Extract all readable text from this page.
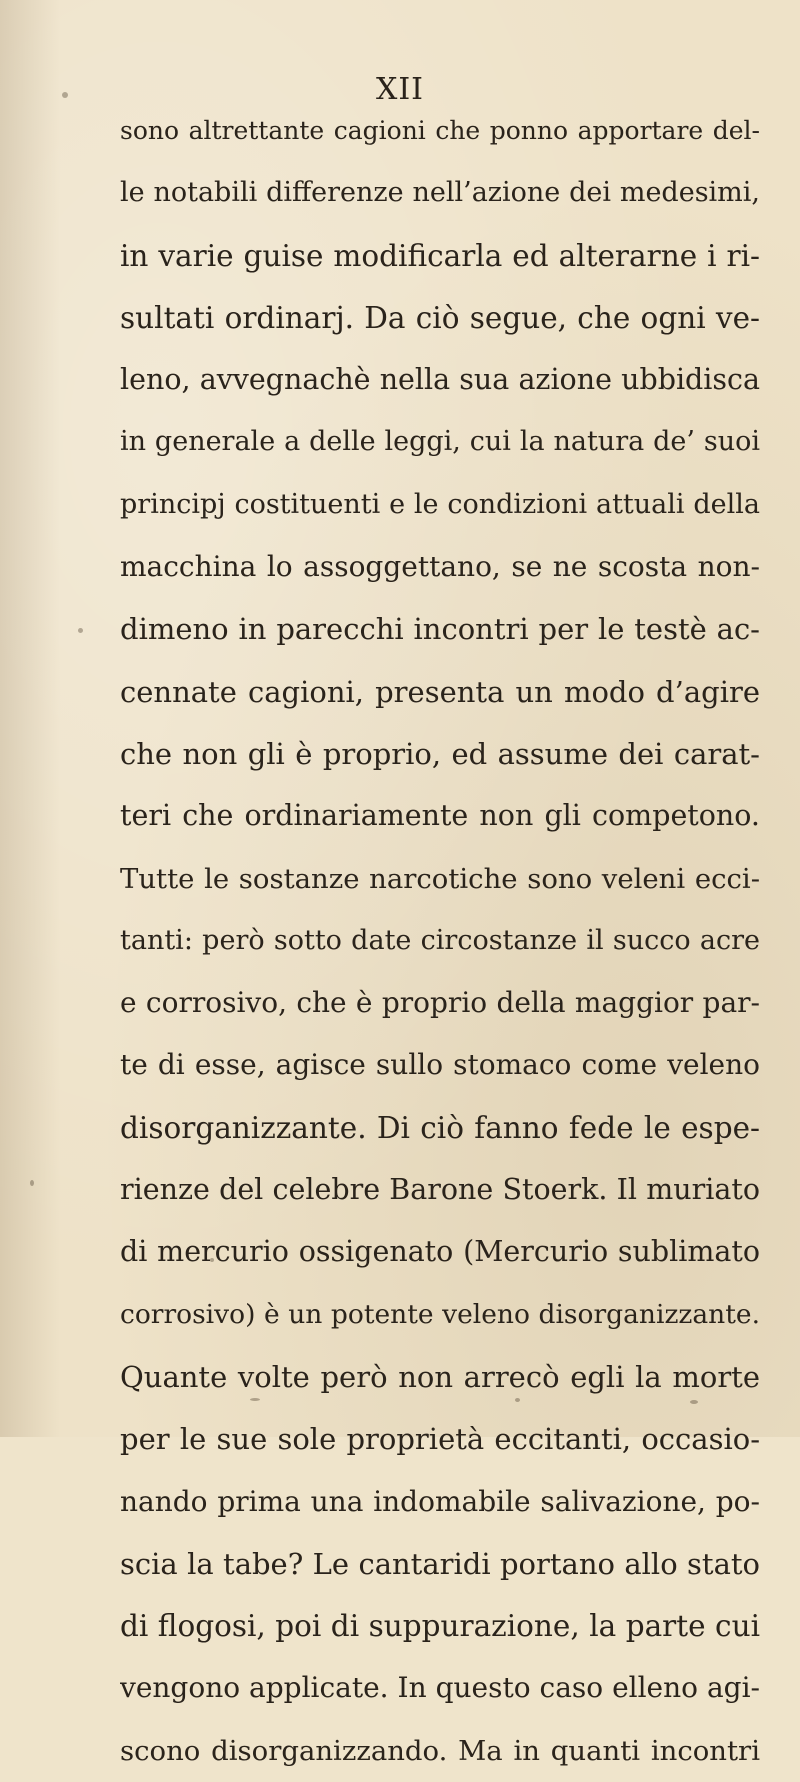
XII
sono altrettante cagioni che ponno apportare del-
le notabili differenze nell’azione dei medesimi,
in varie guise modificarla ed alterarne i ri-
sultati ordinarj. Da ciò segue, che ogni ve-
leno, avvegnachè nella sua azione ubbidisca
in generale a delle leggi, cui la natura de’ suoi
principj costituenti e le condizioni attuali della
macchina lo assoggettano, se ne scosta non-
dimeno in parecchi incontri per le testè ac-
cennate cagioni, presenta un modo d’agire
che non gli è proprio, ed assume dei carat-
teri che ordinariamente non gli competono.
Tutte le sostanze narcotiche sono veleni ecci-
tanti: però sotto date circostanze il succo acre
e corrosivo, che è proprio della maggior par-
te di esse, agisce sullo stomaco come veleno
disorganizzante. Di ciò fanno fede le espe-
rienze del celebre Barone Stoerk. Il muriato
di mercurio ossigenato (Mercurio sublimato
corrosivo) è un potente veleno disorganizzante.
Quante volte però non arrecò egli la morte
per le sue sole proprietà eccitanti, occasio-
nando prima una indomabile salivazione, po-
scia la tabe? Le cantaridi portano allo stato
di flogosi, poi di suppurazione, la parte cui
vengono applicate. In questo caso elleno agi-
scono disorganizzando. Ma in quanti incontri
